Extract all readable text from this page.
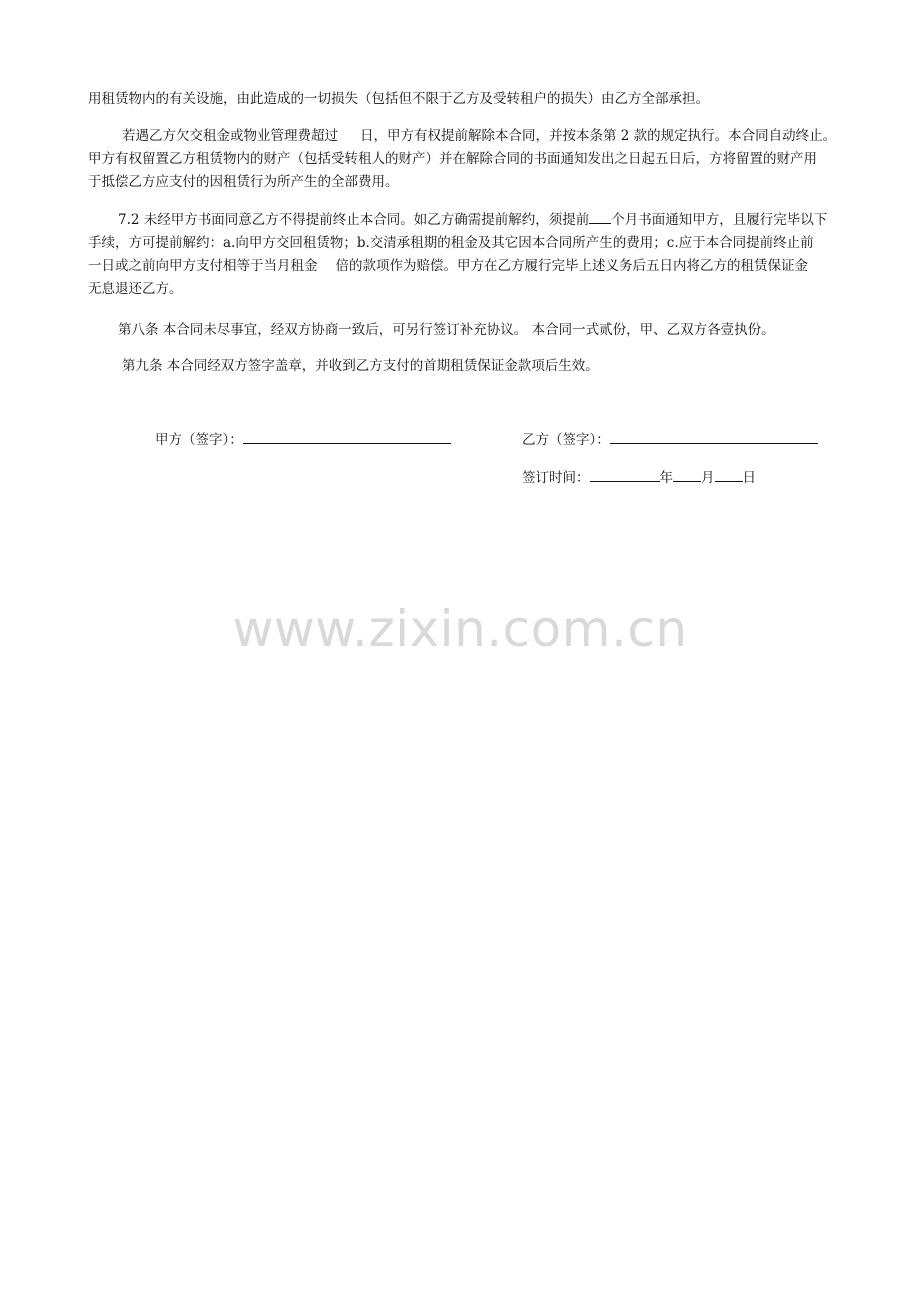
用租赁物内的有关设施，由此造成的一切损失（包括但不限于乙方及受转租户的损失）由乙方全部承担。
若遇乙方欠交租金或物业管理费超过 日，甲方有权提前解除本合同，并按本条第 2 款的规定执行。本合同自动终止。
甲方有权留置乙方租赁物内的财产（包括受转租人的财产）并在解除合同的书面通知发出之日起五日后，方将留置的财产用
于抵偿乙方应支付的因租赁行为所产生的全部费用。
7.2 未经甲方书面同意乙方不得提前终止本合同。如乙方确需提前解约，须提前 个月书面通知甲方，且履行完毕以下
手续，方可提前解约：a.向甲方交回租赁物；b.交清承租期的租金及其它因本合同所产生的费用；c.应于本合同提前终止前
一日或之前向甲方支付相等于当月租金 倍的款项作为赔偿。甲方在乙方履行完毕上述义务后五日内将乙方的租赁保证金
无息退还乙方。
第八条 本合同未尽事宜，经双方协商一致后，可另行签订补充协议。 本合同一式贰份，甲、乙双方各壹执份。
第九条 本合同经双方签字盖章，并收到乙方支付的首期租赁保证金款项后生效。
甲方（签字）：	乙方（签字）：
签订时间：	年 月 日
www.zixin.com.cn
